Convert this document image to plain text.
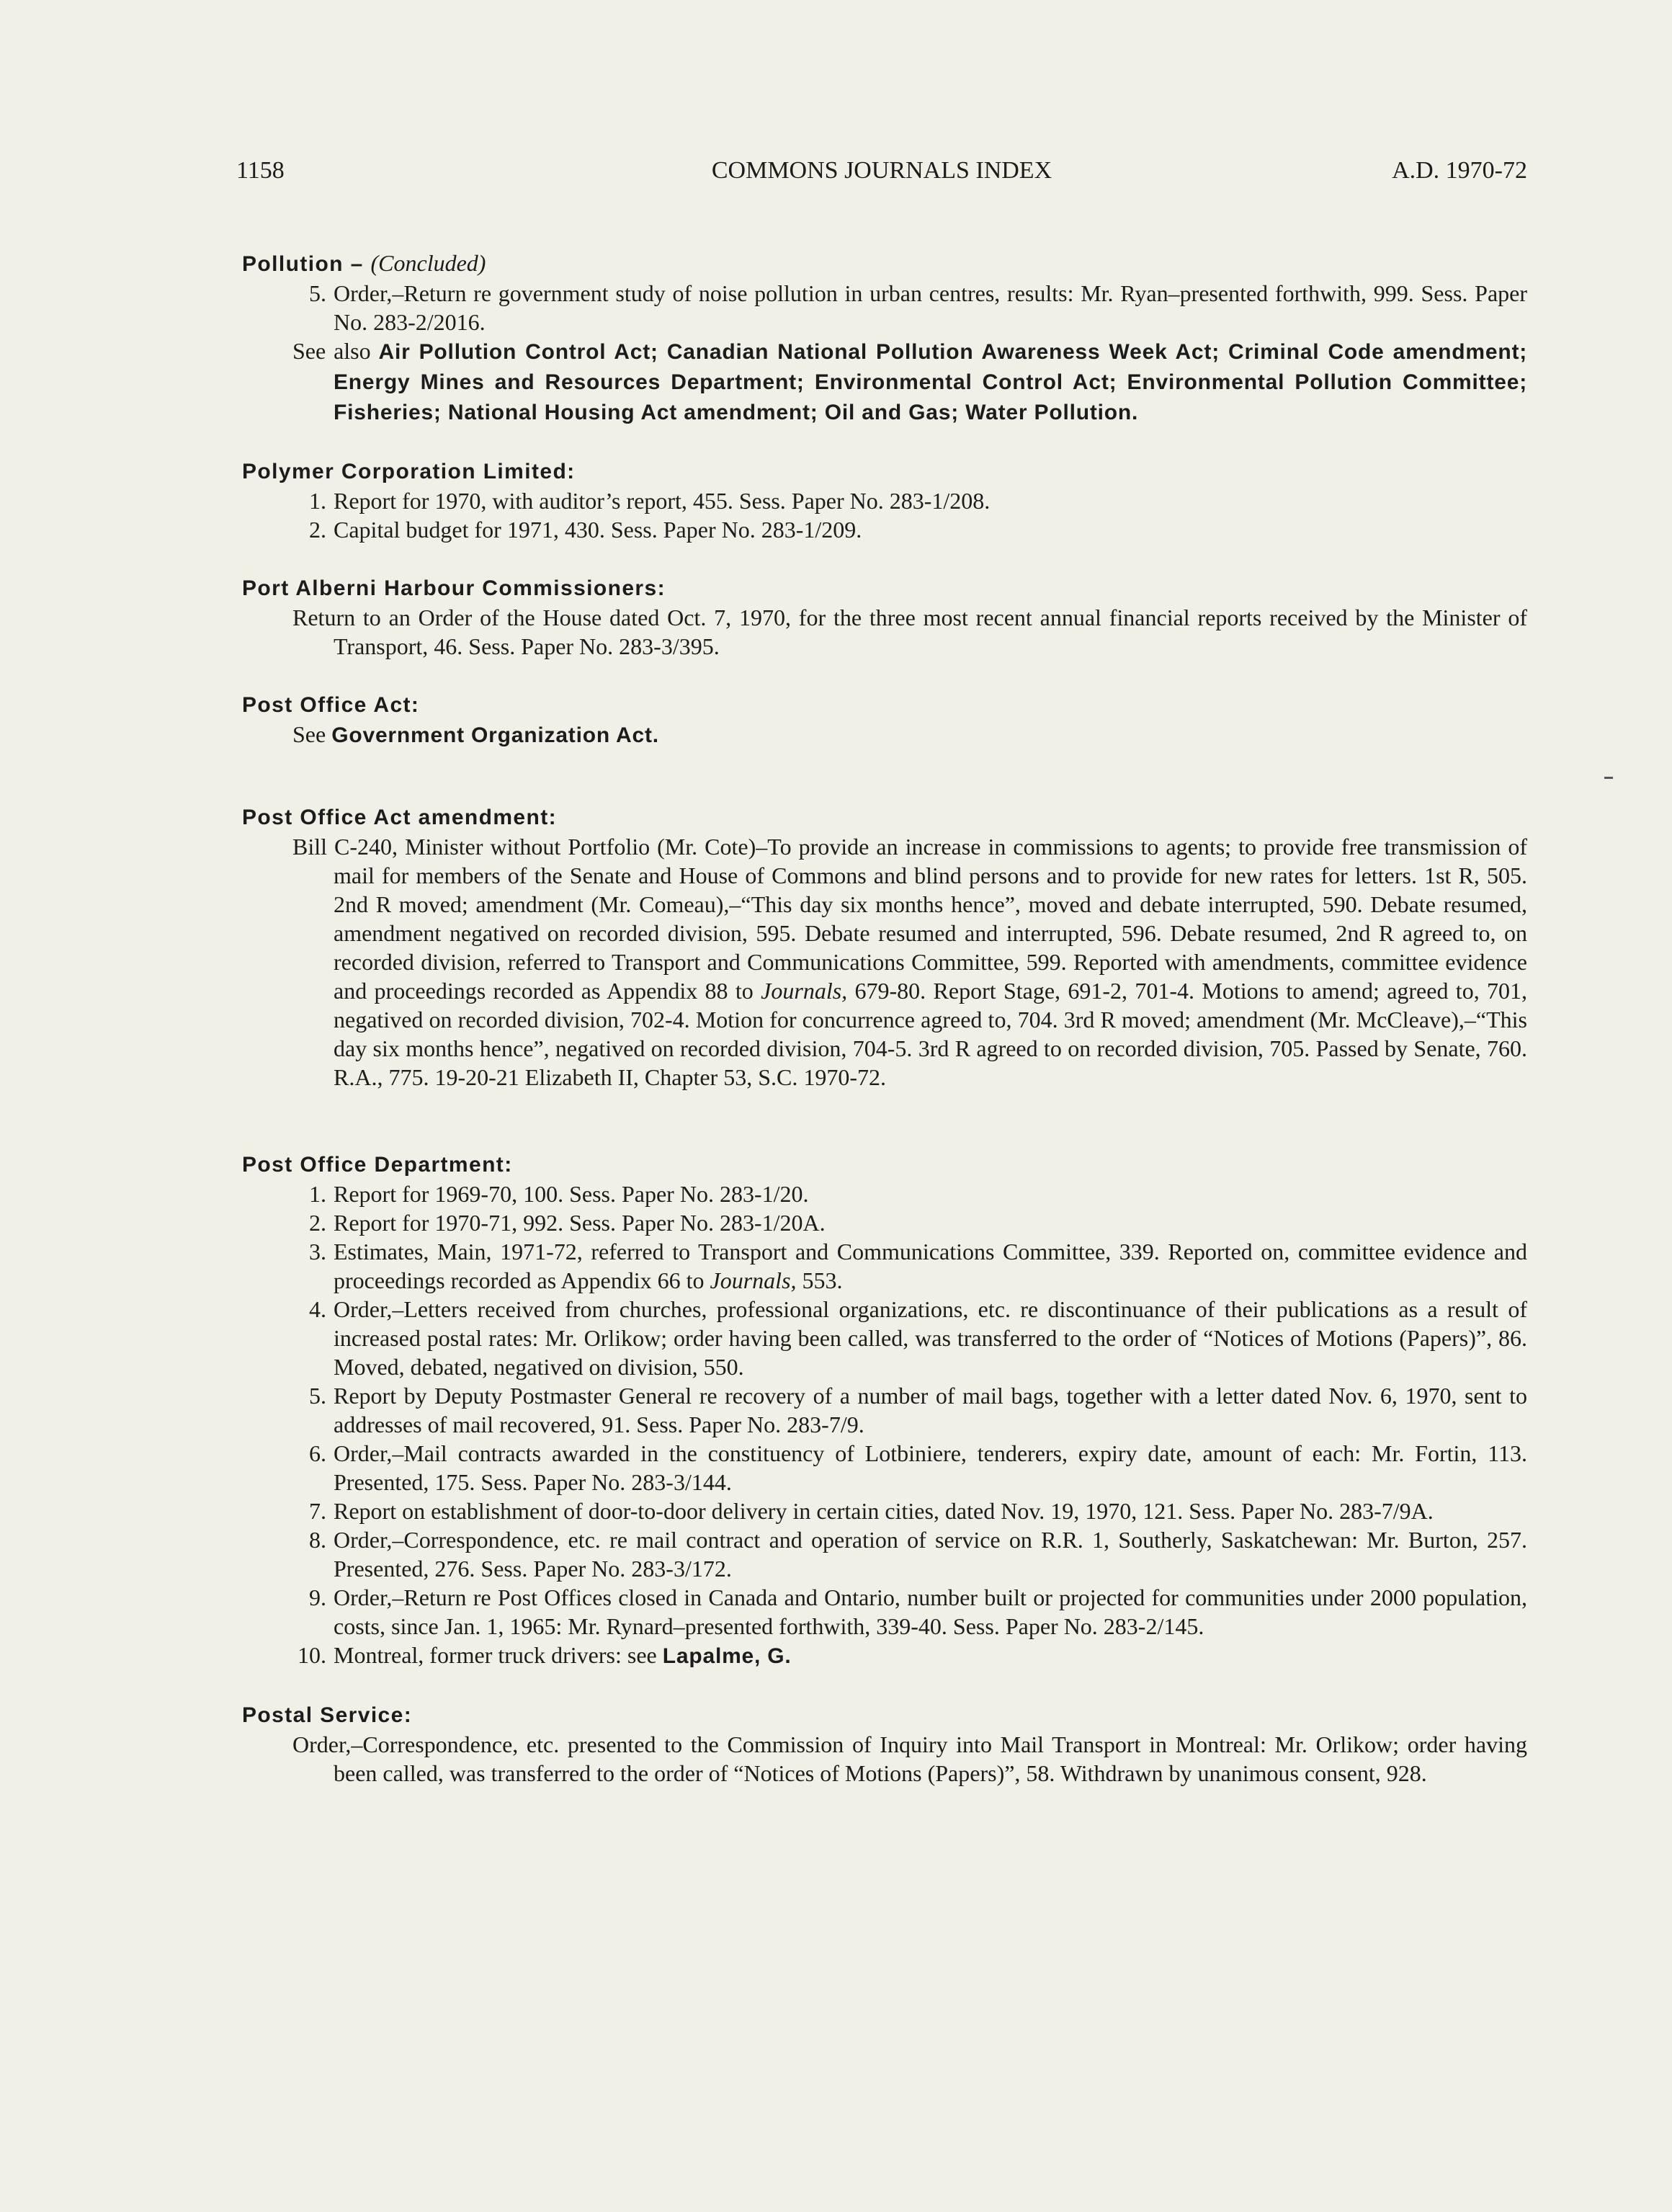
1158	COMMONS JOURNALS INDEX	A.D. 1970-72
Pollution – (Concluded)
5. Order,–Return re government study of noise pollution in urban centres, results: Mr. Ryan–presented forthwith, 999. Sess. Paper No. 283-2/2016.
See also Air Pollution Control Act; Canadian National Pollution Awareness Week Act; Criminal Code amendment; Energy Mines and Resources Department; Environmental Control Act; Environmental Pollution Committee; Fisheries; National Housing Act amendment; Oil and Gas; Water Pollution.
Polymer Corporation Limited:
1. Report for 1970, with auditor’s report, 455. Sess. Paper No. 283-1/208.
2. Capital budget for 1971, 430. Sess. Paper No. 283-1/209.
Port Alberni Harbour Commissioners:
Return to an Order of the House dated Oct. 7, 1970, for the three most recent annual financial reports received by the Minister of Transport, 46. Sess. Paper No. 283-3/395.
Post Office Act:
See Government Organization Act.
Post Office Act amendment:
Bill C-240, Minister without Portfolio (Mr. Cote)–To provide an increase in commissions to agents; to provide free transmission of mail for members of the Senate and House of Commons and blind persons and to provide for new rates for letters. 1st R, 505. 2nd R moved; amendment (Mr. Comeau),–“This day six months hence”, moved and debate interrupted, 590. Debate resumed, amendment negatived on recorded division, 595. Debate resumed and interrupted, 596. Debate resumed, 2nd R agreed to, on recorded division, referred to Transport and Communications Committee, 599. Reported with amendments, committee evidence and proceedings recorded as Appendix 88 to Journals, 679-80. Report Stage, 691-2, 701-4. Motions to amend; agreed to, 701, negatived on recorded division, 702-4. Motion for concurrence agreed to, 704. 3rd R moved; amendment (Mr. McCleave),–“This day six months hence”, negatived on recorded division, 704-5. 3rd R agreed to on recorded division, 705. Passed by Senate, 760. R.A., 775. 19-20-21 Elizabeth II, Chapter 53, S.C. 1970-72.
Post Office Department:
1. Report for 1969-70, 100. Sess. Paper No. 283-1/20.
2. Report for 1970-71, 992. Sess. Paper No. 283-1/20A.
3. Estimates, Main, 1971-72, referred to Transport and Communications Committee, 339. Reported on, committee evidence and proceedings recorded as Appendix 66 to Journals, 553.
4. Order,–Letters received from churches, professional organizations, etc. re discontinuance of their publications as a result of increased postal rates: Mr. Orlikow; order having been called, was transferred to the order of “Notices of Motions (Papers)”, 86. Moved, debated, negatived on division, 550.
5. Report by Deputy Postmaster General re recovery of a number of mail bags, together with a letter dated Nov. 6, 1970, sent to addresses of mail recovered, 91. Sess. Paper No. 283-7/9.
6. Order,–Mail contracts awarded in the constituency of Lotbiniere, tenderers, expiry date, amount of each: Mr. Fortin, 113. Presented, 175. Sess. Paper No. 283-3/144.
7. Report on establishment of door-to-door delivery in certain cities, dated Nov. 19, 1970, 121. Sess. Paper No. 283-7/9A.
8. Order,–Correspondence, etc. re mail contract and operation of service on R.R. 1, Southerly, Saskatchewan: Mr. Burton, 257. Presented, 276. Sess. Paper No. 283-3/172.
9. Order,–Return re Post Offices closed in Canada and Ontario, number built or projected for communities under 2000 population, costs, since Jan. 1, 1965: Mr. Rynard–presented forthwith, 339-40. Sess. Paper No. 283-2/145.
10. Montreal, former truck drivers: see Lapalme, G.
Postal Service:
Order,–Correspondence, etc. presented to the Commission of Inquiry into Mail Transport in Montreal: Mr. Orlikow; order having been called, was transferred to the order of “Notices of Motions (Papers)”, 58. Withdrawn by unanimous consent, 928.
